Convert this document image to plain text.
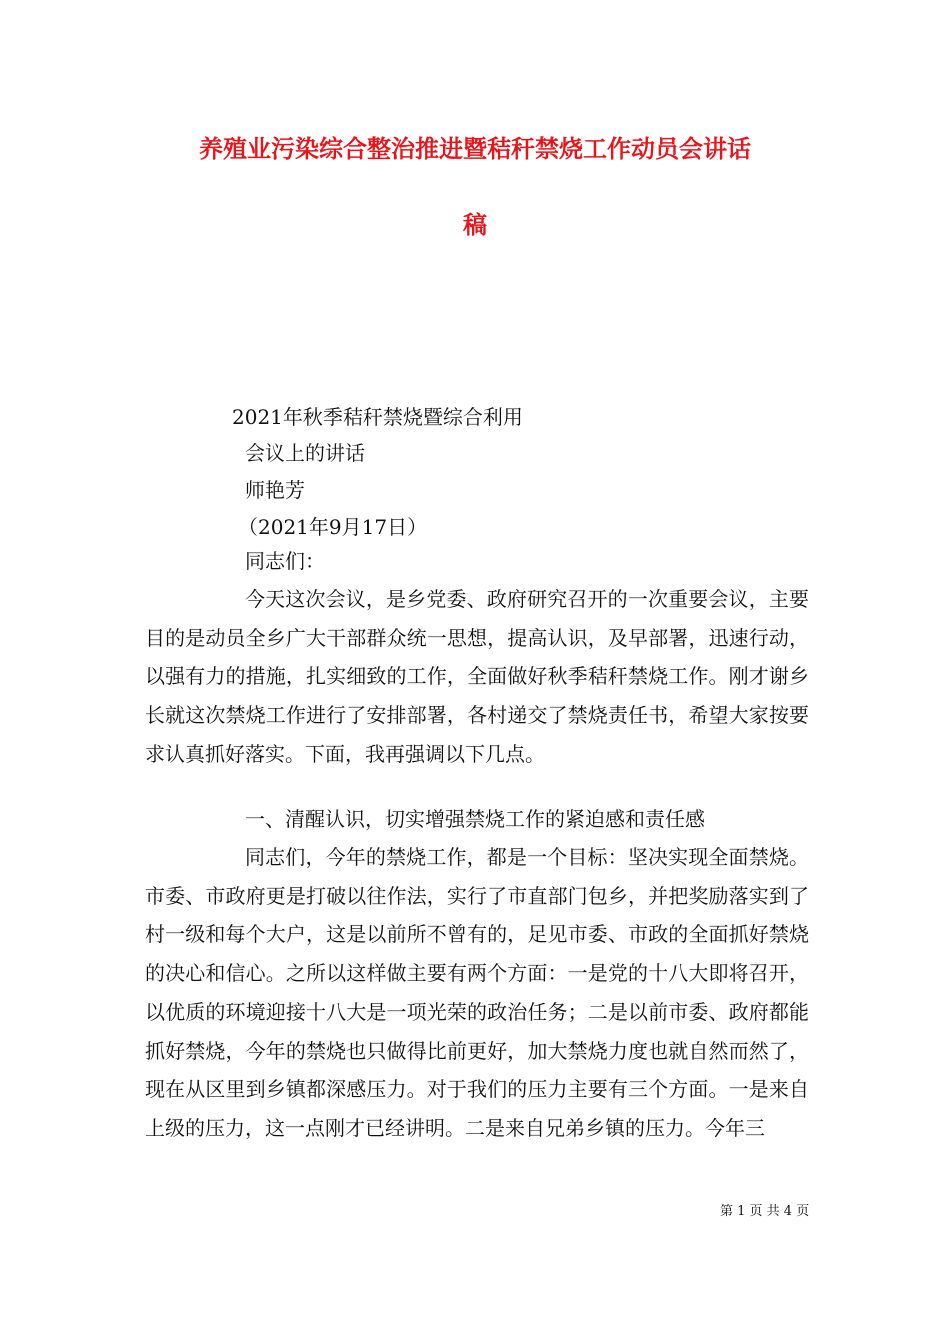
养殖业污染综合整治推进暨秸秆禁烧工作动员会讲话
稿

2021年秋季秸秆禁烧暨综合利用

会议上的讲话

师艳芳

（2021年9月17日）

同志们：

今天这次会议，是乡党委、政府研究召开的一次重要会议，主要目的是动员全乡广大干部群众统一思想，提高认识，及早部署，迅速行动，以强有力的措施，扎实细致的工作，全面做好秋季秸秆禁烧工作。刚才谢乡长就这次禁烧工作进行了安排部署，各村递交了禁烧责任书，希望大家按要求认真抓好落实。下面，我再强调以下几点。

一、清醒认识，切实增强禁烧工作的紧迫感和责任感

同志们，今年的禁烧工作，都是一个目标：坚决实现全面禁烧。市委、市政府更是打破以往作法，实行了市直部门包乡，并把奖励落实到了村一级和每个大户，这是以前所不曾有的，足见市委、市政的全面抓好禁烧的决心和信心。之所以这样做主要有两个方面：一是党的十八大即将召开，以优质的环境迎接十八大是一项光荣的政治任务；二是以前市委、政府都能抓好禁烧，今年的禁烧也只做得比前更好，加大禁烧力度也就自然而然了，现在从区里到乡镇都深感压力。对于我们的压力主要有三个方面。一是来自上级的压力，这一点刚才已经讲明。二是来自兄弟乡镇的压力。今年三

第 1 页 共 4 页
